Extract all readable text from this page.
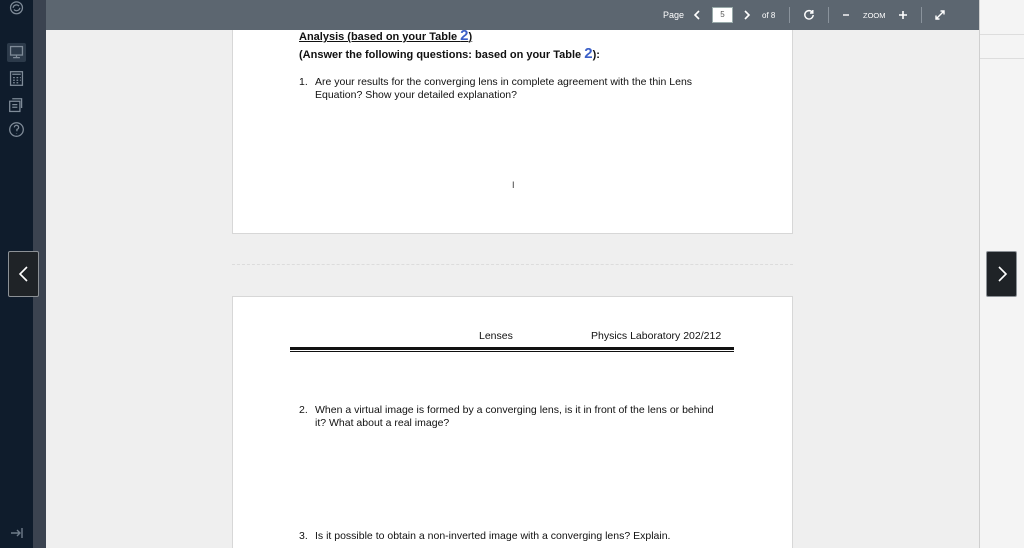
Page	5	of 8	ZOOM
Analysis (based on your Table 2)
(Answer the following questions: based on your Table 2):
1. Are your results for the converging lens in complete agreement with the thin Lens Equation? Show your detailed explanation?
I
Lenses	Physics Laboratory 202/212
2. When a virtual image is formed by a converging lens, is it in front of the lens or behind it? What about a real image?
3. Is it possible to obtain a non-inverted image with a converging lens? Explain.
